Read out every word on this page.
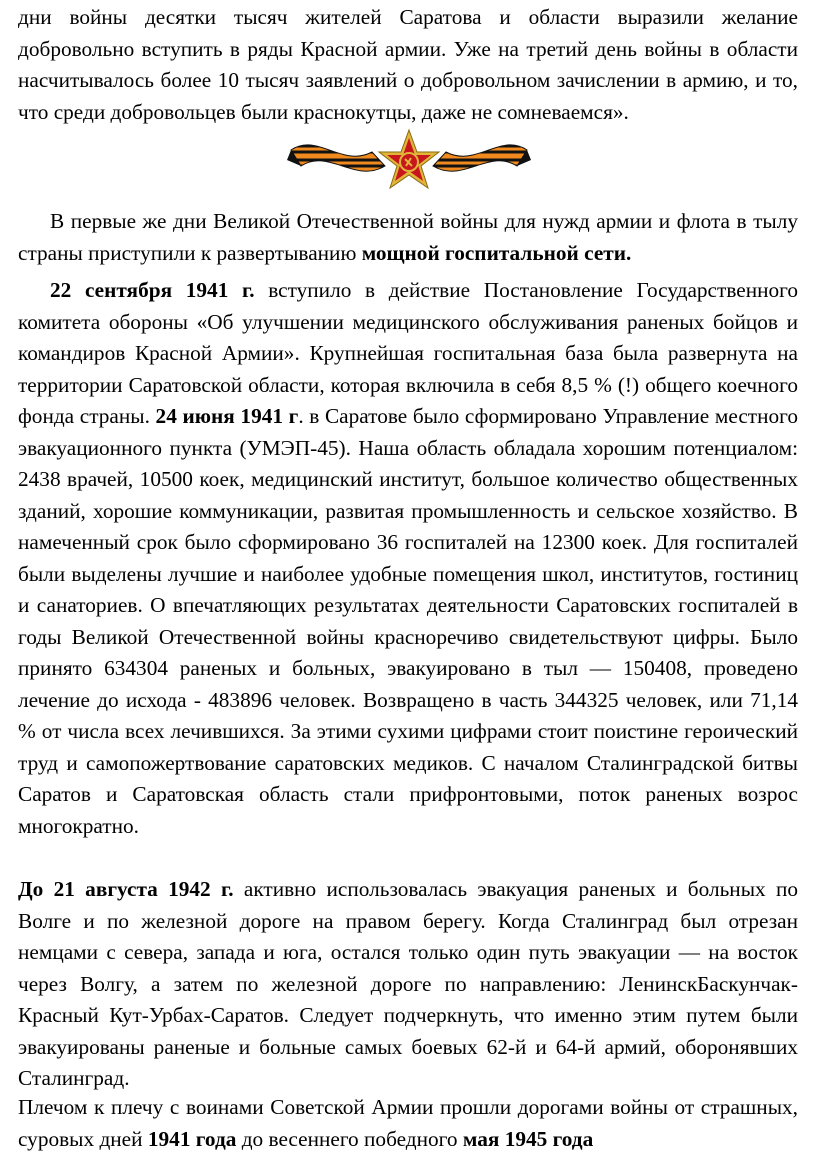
дни войны десятки тысяч жителей Саратова и области выразили желание добровольно вступить в ряды Красной армии. Уже на третий день войны в области насчитывалось более 10 тысяч заявлений о добровольном зачислении в армию, и то, что среди добровольцев были краснокутцы, даже не сомневаемся».

В первые же дни Великой Отечественной войны для нужд армии и флота в тылу страны приступили к развертыванию мощной госпитальной сети.

22 сентября 1941 г. вступило в действие Постановление Государственного комитета обороны «Об улучшении медицинского обслуживания раненых бойцов и командиров Красной Армии». Крупнейшая госпитальная база была развернута на территории Саратовской области, которая включила в себя 8,5 % (!) общего коечного фонда страны. 24 июня 1941 г. в Саратове было сформировано Управление местного эвакуационного пункта (УМЭП-45). Наша область обладала хорошим потенциалом: 2438 врачей, 10500 коек, медицинский институт, большое количество общественных зданий, хорошие коммуникации, развитая промышленность и сельское хозяйство. В намеченный срок было сформировано 36 госпиталей на 12300 коек. Для госпиталей были выделены лучшие и наиболее удобные помещения школ, институтов, гостиниц и санаториев. О впечатляющих результатах деятельности Саратовских госпиталей в годы Великой Отечественной войны красноречиво свидетельствуют цифры. Было принято 634304 раненых и больных, эвакуировано в тыл — 150408, проведено лечение до исхода - 483896 человек. Возвращено в часть 344325 человек, или 71,14 % от числа всех лечившихся. За этими сухими цифрами стоит поистине героический труд и самопожертвование саратовских медиков. С началом Сталинградской битвы Саратов и Саратовская область стали прифронтовыми, поток раненых возрос многократно.

До 21 августа 1942 г. активно использовалась эвакуация раненых и больных по Волге и по железной дороге на правом берегу. Когда Сталинград был отрезан немцами с севера, запада и юга, остался только один путь эвакуации — на восток через Волгу, а затем по железной дороге по направлению: ЛенинскБаскунчак-Красный Кут-Урбах-Саратов. Следует подчеркнуть, что именно этим путем были эвакуированы раненые и больные самых боевых 62-й и 64-й армий, оборонявших Сталинград.

Плечом к плечу с воинами Советской Армии прошли дорогами войны от страшных, суровых дней 1941 года до весеннего победного мая 1945 года
